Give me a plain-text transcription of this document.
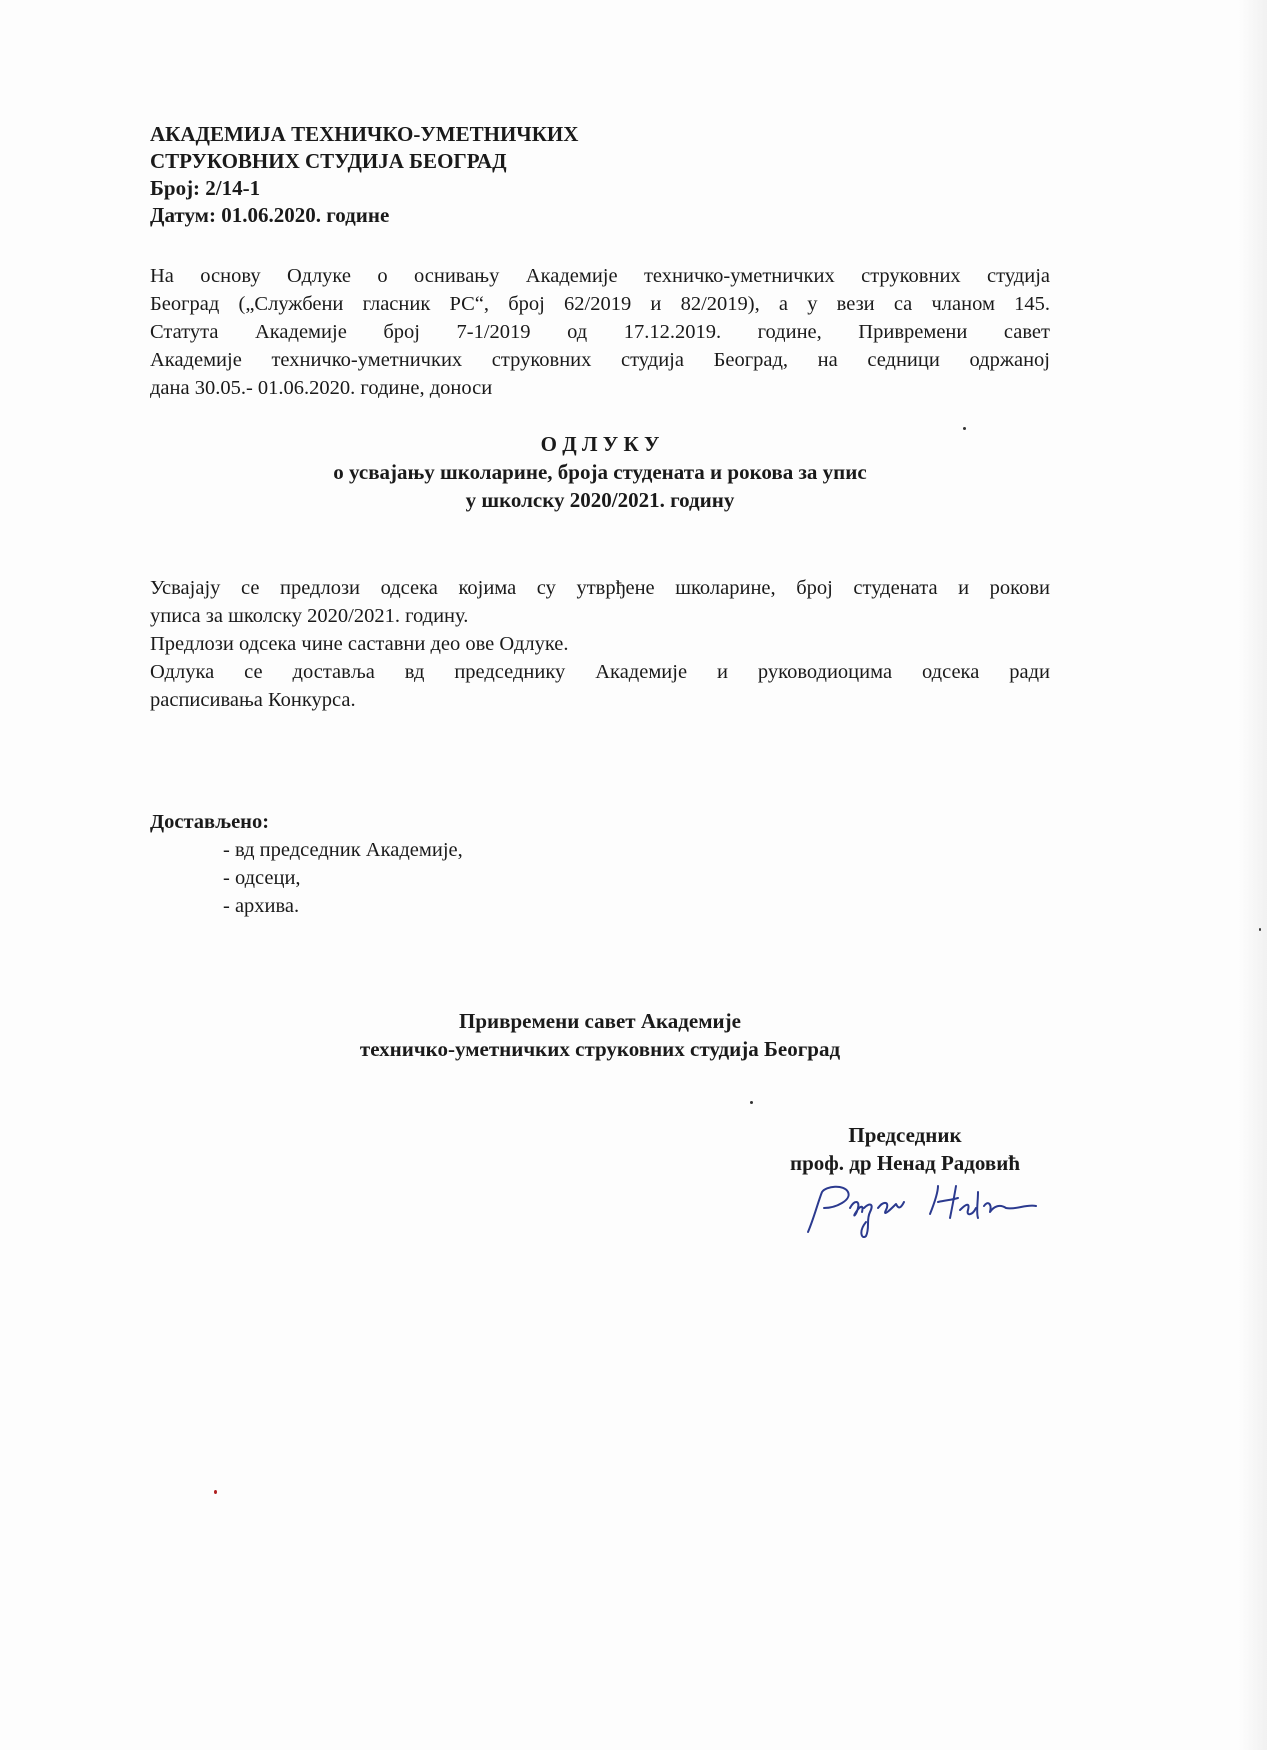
АКАДЕМИЈА ТЕХНИЧКО-УМЕТНИЧКИХ
СТРУКОВНИХ СТУДИЈА БЕОГРАД
Број: 2/14-1
Датум: 01.06.2020. године
На основу Одлуке о оснивању Академије техничко-уметничких струковних студија
Београд („Службени гласник РС“, број 62/2019 и 82/2019), а у вези са чланом 145.
Статута Академије број 7-1/2019 од 17.12.2019. године, Привремени савет
Академије техничко-уметничких струковних студија Београд, на седници одржаној
дана 30.05.- 01.06.2020. године, доноси
О Д Л У К У
о усвајању школарине, броја студената и рокова за упис
у школску 2020/2021. годину
Усвајају се предлози одсека којима су утврђене школарине, број студената и рокови
уписа за школску 2020/2021. годину.
Предлози одсека чине саставни део ове Одлуке.
Одлука се доставља вд председнику Академије и руководиоцима одсека ради
расписивања Конкурса.
Достављено:
- вд председник Академије,
- одсеци,
- архива.
Привремени савет Академије
техничко-уметничких струковних студија Београд
Председник
проф. др Ненад Радовић
